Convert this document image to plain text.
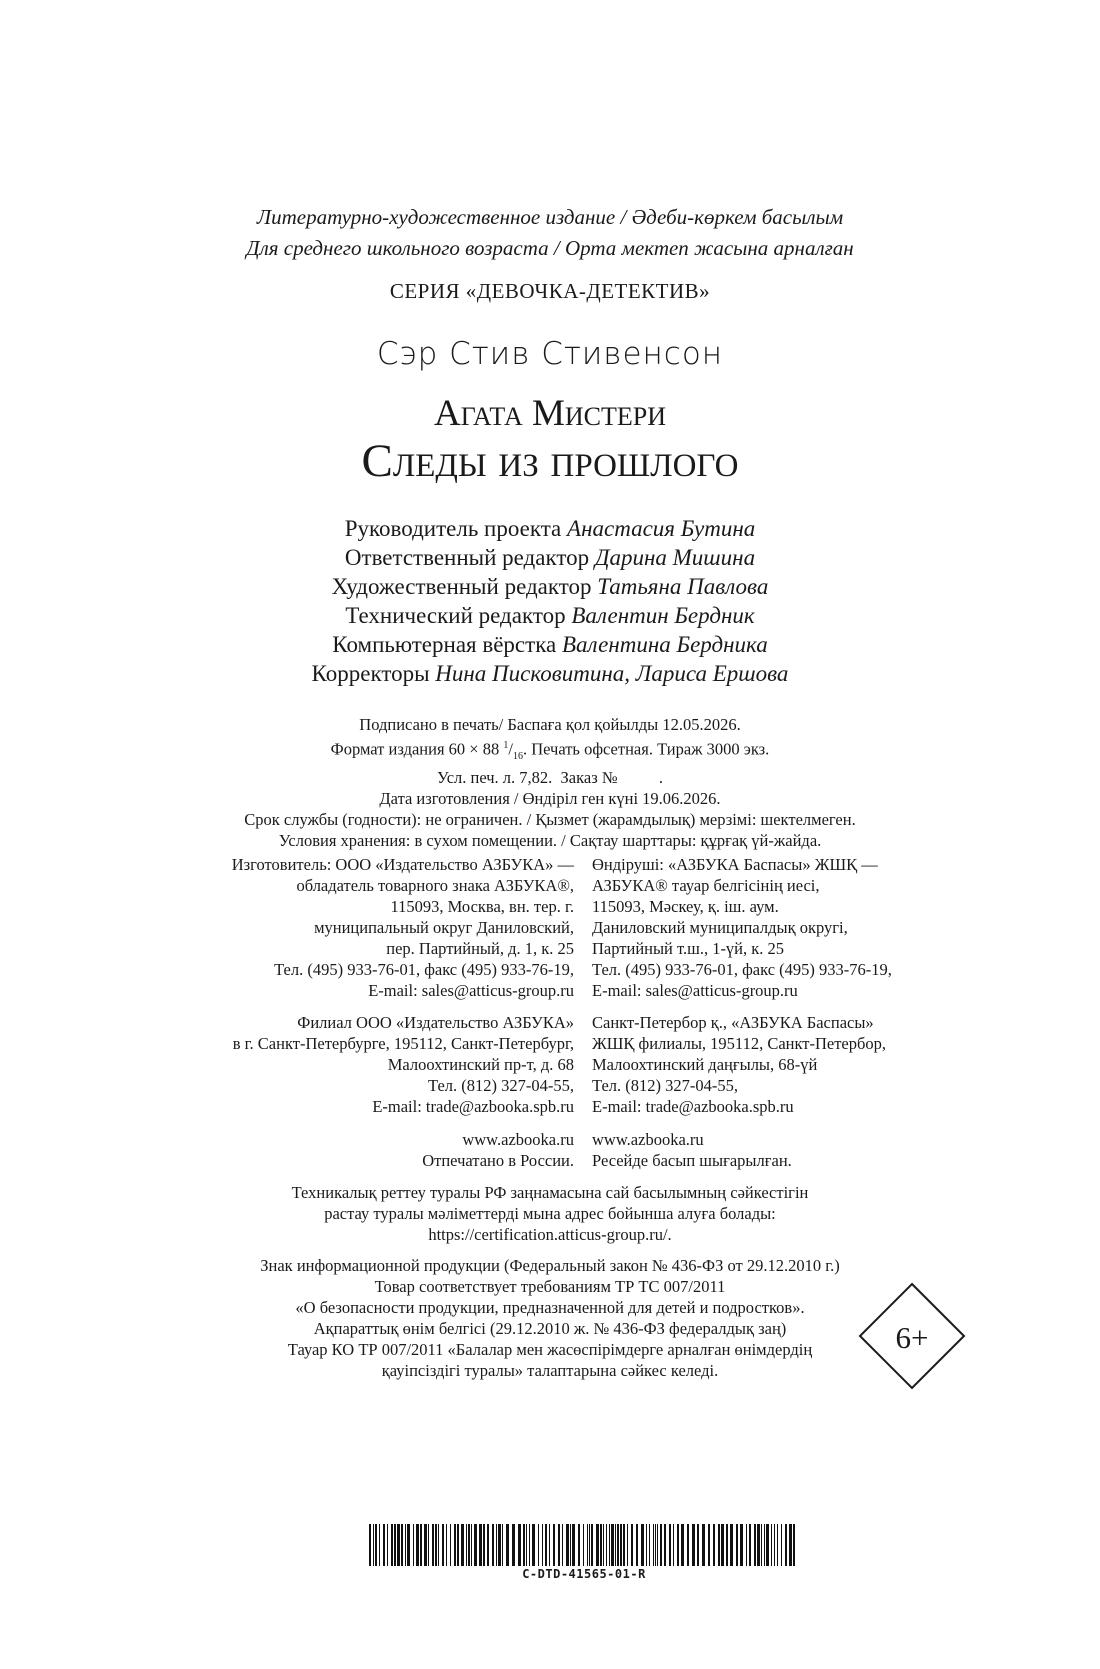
Литературно-художественное издание / Әдеби-көркем басылым
Для среднего школьного возраста / Орта мектеп жасына арналған
СЕРИЯ «ДЕВОЧКА-ДЕТЕКТИВ»
Сэр Стив Стивенсон
Агата Мистери
Следы из прошлого
Руководитель проекта Анастасия Бутина
Ответственный редактор Дарина Мишина
Художественный редактор Татьяна Павлова
Технический редактор Валентин Бердник
Компьютерная вёрстка Валентина Бердника
Корректоры Нина Писковитина, Лариса Ершова
Подписано в печать/ Баспаға қол қойылды 12.05.2026.
Формат издания 60 × 88 $^1/_{16}$. Печать офсетная. Тираж 3000 экз.
Усл. печ. л. 7,82.  Заказ №          .
Дата изготовления / Өндіріл ген күні 19.06.2026.
Срок службы (годности): не ограничен. / Қызмет (жарамдылық) мерзімі: шектелмеген.
Условия хранения: в сухом помещении. / Сақтау шарттары: құрғақ үй-жайда.
Изготовитель: ООО «Издательство АЗБУКА» —
обладатель товарного знака АЗБУКА®,
115093, Москва, вн. тер. г.
муниципальный округ Даниловский,
пер. Партийный, д. 1, к. 25
Тел. (495) 933-76-01, факс (495) 933-76-19,
E-mail: sales@atticus-group.ru
Өндіруші: «АЗБУКА Баспасы» ЖШҚ —
АЗБУКА® тауар белгісінің иесі,
115093, Мәскеу, қ. іш. аум.
Даниловский муниципалдық округі,
Партийный т.ш., 1-үй, к. 25
Тел. (495) 933-76-01, факс (495) 933-76-19,
E-mail: sales@atticus-group.ru
Филиал ООО «Издательство АЗБУКА»
в г. Санкт-Петербурге, 195112, Санкт-Петербург,
Малоохтинский пр-т, д. 68
Тел. (812) 327-04-55,
E-mail: trade@azbooka.spb.ru
Санкт-Петербор қ., «АЗБУКА Баспасы»
ЖШҚ филиалы, 195112, Санкт-Петербор,
Малоохтинский даңғылы, 68-үй
Тел. (812) 327-04-55,
E-mail: trade@azbooka.spb.ru
www.azbooka.ru
Отпечатано в России.
www.azbooka.ru
Ресейде басып шығарылған.
Техникалық реттеу туралы РФ заңнамасына сай басылымның сәйкестігін
растау туралы мәліметтерді мына адрес бойынша алуға болады:
https://certification.atticus-group.ru/.
Знак информационной продукции (Федеральный закон № 436-ФЗ от 29.12.2010 г.)
Товар соответствует требованиям ТР ТС 007/2011
«О безопасности продукции, предназначенной для детей и подростков».
Ақпараттық өнім белгісі (29.12.2010 ж. № 436-ФЗ федералдық заң)
Тауар КО ТР 007/2011 «Балалар мен жасөспірімдерге арналған өнімдердің
қауіпсіздігі туралы» талаптарына сәйкес келеді.
6+
C-DTD-41565-01-R
